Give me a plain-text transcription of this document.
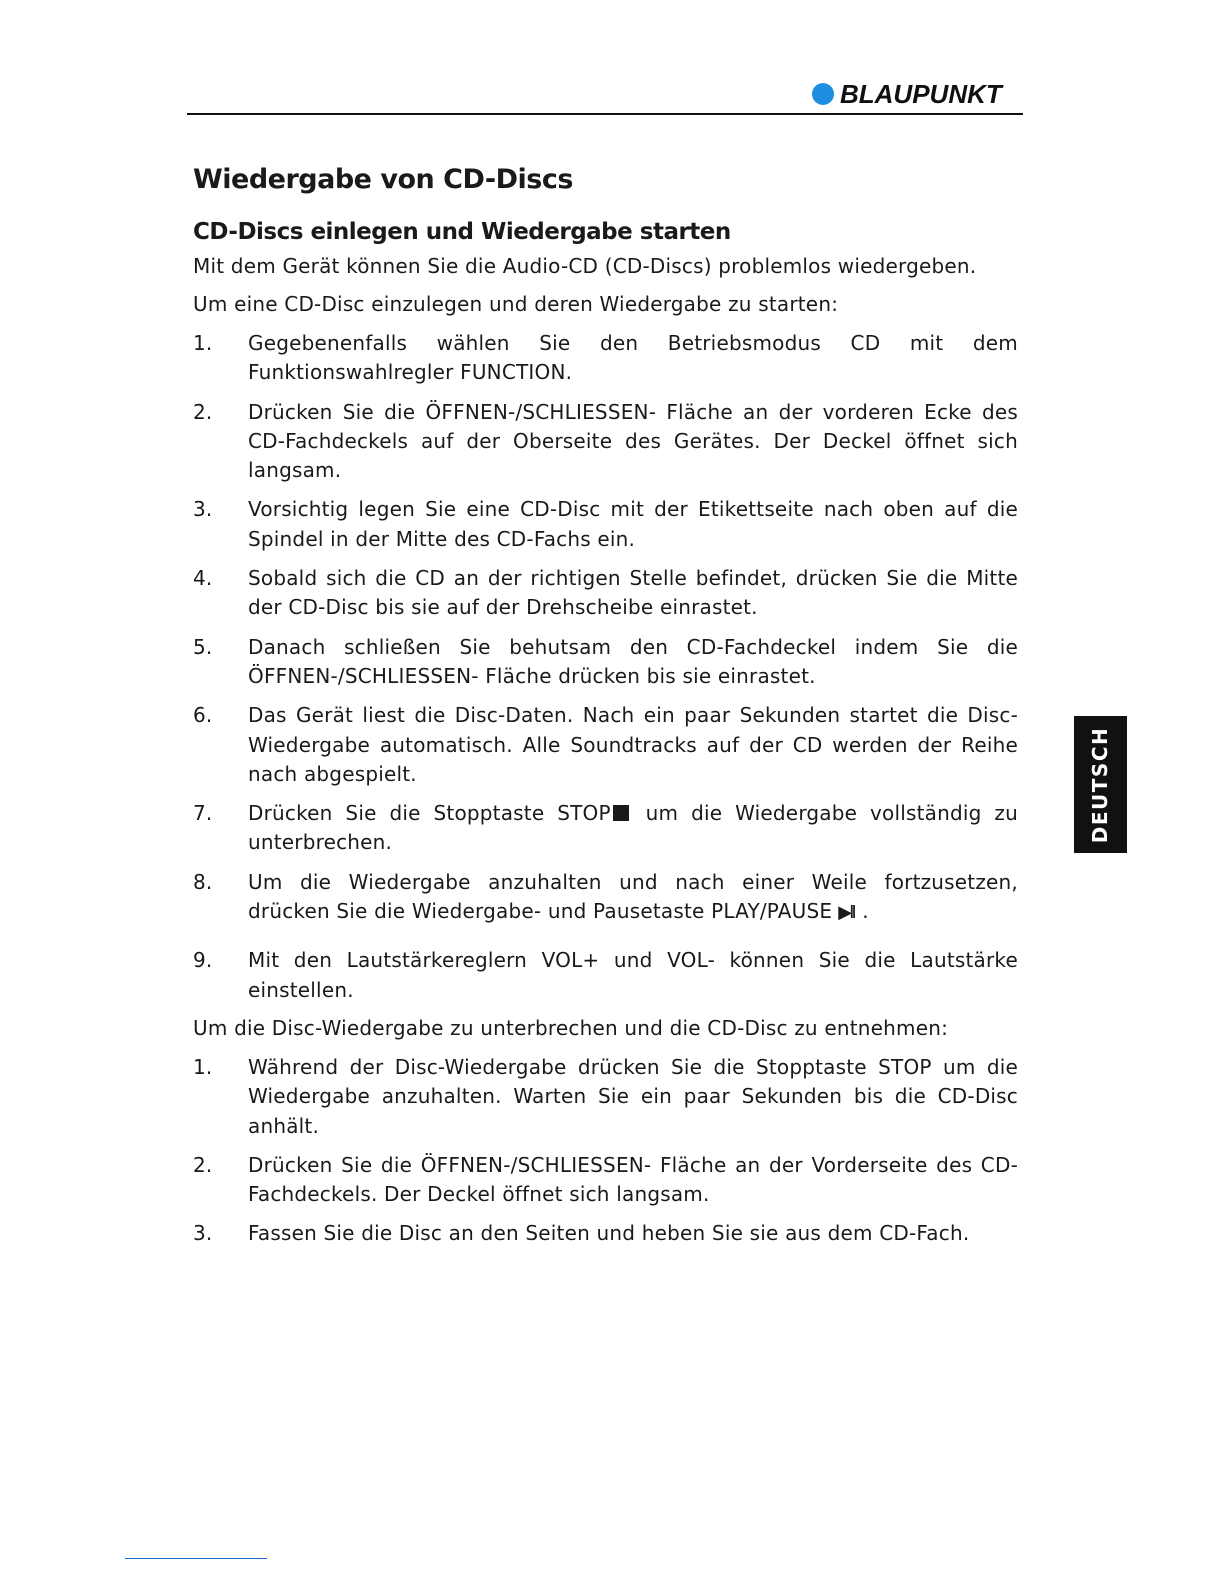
BLAUPUNKT
Wiedergabe von CD-Discs
CD-Discs einlegen und Wiedergabe starten

Mit dem Gerät können Sie die Audio-CD (CD-Discs) problemlos wiedergeben.

Um eine CD-Disc einzulegen und deren Wiedergabe zu starten:

1. Gegebenenfalls wählen Sie den Betriebsmodus CD mit dem Funktionswahlregler FUNCTION.
2. Drücken Sie die ÖFFNEN-/SCHLIESSEN- Fläche an der vorderen Ecke des CD-Fachdeckels auf der Oberseite des Gerätes. Der Deckel öffnet sich langsam.
3. Vorsichtig legen Sie eine CD-Disc mit der Etikettseite nach oben auf die Spindel in der Mitte des CD-Fachs ein.
4. Sobald sich die CD an der richtigen Stelle befindet, drücken Sie die Mitte der CD-Disc bis sie auf der Drehscheibe einrastet.
5. Danach schließen Sie behutsam den CD-Fachdeckel indem Sie die ÖFFNEN-/SCHLIESSEN- Fläche drücken bis sie einrastet.
6. Das Gerät liest die Disc-Daten. Nach ein paar Sekunden startet die Disc-Wiedergabe automatisch. Alle Soundtracks auf der CD werden der Reihe nach abgespielt.
7. Drücken Sie die Stopptaste STOP um die Wiedergabe vollständig zu unterbrechen.
8. Um die Wiedergabe anzuhalten und nach einer Weile fortzusetzen, drücken Sie die Wiedergabe- und Pausetaste PLAY/PAUSE ▶II .
9. Mit den Lautstärkereglern VOL+ und VOL- können Sie die Lautstärke einstellen.

Um die Disc-Wiedergabe zu unterbrechen und die CD-Disc zu entnehmen:

1. Während der Disc-Wiedergabe drücken Sie die Stopptaste STOP um die Wiedergabe anzuhalten. Warten Sie ein paar Sekunden bis die CD-Disc anhält.
2. Drücken Sie die ÖFFNEN-/SCHLIESSEN- Fläche an der Vorderseite des CD-Fachdeckels. Der Deckel öffnet sich langsam.
3. Fassen Sie die Disc an den Seiten und heben Sie sie aus dem CD-Fach.
DEUTSCH
